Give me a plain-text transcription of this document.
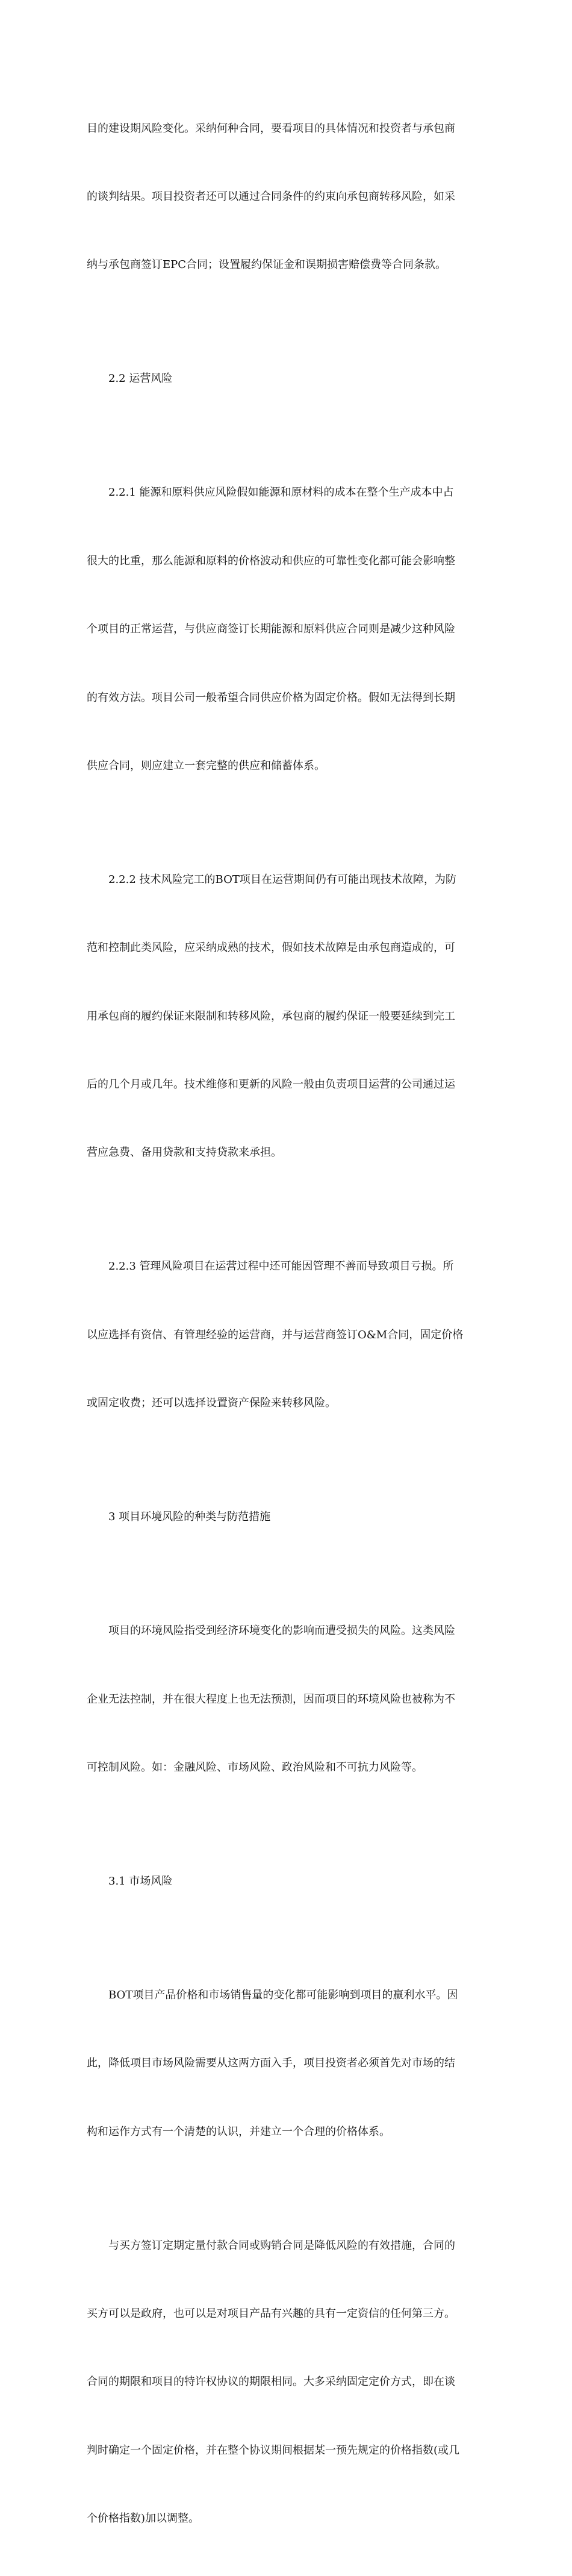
目的建设期风险变化。采纳何种合同，要看项目的具体情况和投资者与承包商

的谈判结果。项目投资者还可以通过合同条件的约束向承包商转移风险，如采

纳与承包商签订EPC合同；设置履约保证金和误期损害赔偿费等合同条款。

2.2 运营风险

2.2.1 能源和原料供应风险假如能源和原材料的成本在整个生产成本中占

很大的比重，那么能源和原料的价格波动和供应的可靠性变化都可能会影响整

个项目的正常运营，与供应商签订长期能源和原料供应合同则是减少这种风险

的有效方法。项目公司一般希望合同供应价格为固定价格。假如无法得到长期

供应合同，则应建立一套完整的供应和储蓄体系。

2.2.2 技术风险完工的BOT项目在运营期间仍有可能出现技术故障，为防

范和控制此类风险，应采纳成熟的技术，假如技术故障是由承包商造成的，可

用承包商的履约保证来限制和转移风险，承包商的履约保证一般要延续到完工

后的几个月或几年。技术维修和更新的风险一般由负责项目运营的公司通过运

营应急费、备用贷款和支持贷款来承担。

2.2.3 管理风险项目在运营过程中还可能因管理不善而导致项目亏损。所

以应选择有资信、有管理经验的运营商，并与运营商签订O&M合同，固定价格

或固定收费；还可以选择设置资产保险来转移风险。

3 项目环境风险的种类与防范措施

项目的环境风险指受到经济环境变化的影响而遭受损失的风险。这类风险

企业无法控制，并在很大程度上也无法预测，因而项目的环境风险也被称为不

可控制风险。如：金融风险、市场风险、政治风险和不可抗力风险等。

3.1 市场风险

BOT项目产品价格和市场销售量的变化都可能影响到项目的赢利水平。因

此，降低项目市场风险需要从这两方面入手，项目投资者必须首先对市场的结

构和运作方式有一个清楚的认识，并建立一个合理的价格体系。

与买方签订定期定量付款合同或购销合同是降低风险的有效措施，合同的

买方可以是政府，也可以是对项目产品有兴趣的具有一定资信的任何第三方。

合同的期限和项目的特许权协议的期限相同。大多采纳固定定价方式，即在谈

判时确定一个固定价格，并在整个协议期间根据某一预先规定的价格指数(或几

个价格指数)加以调整。
